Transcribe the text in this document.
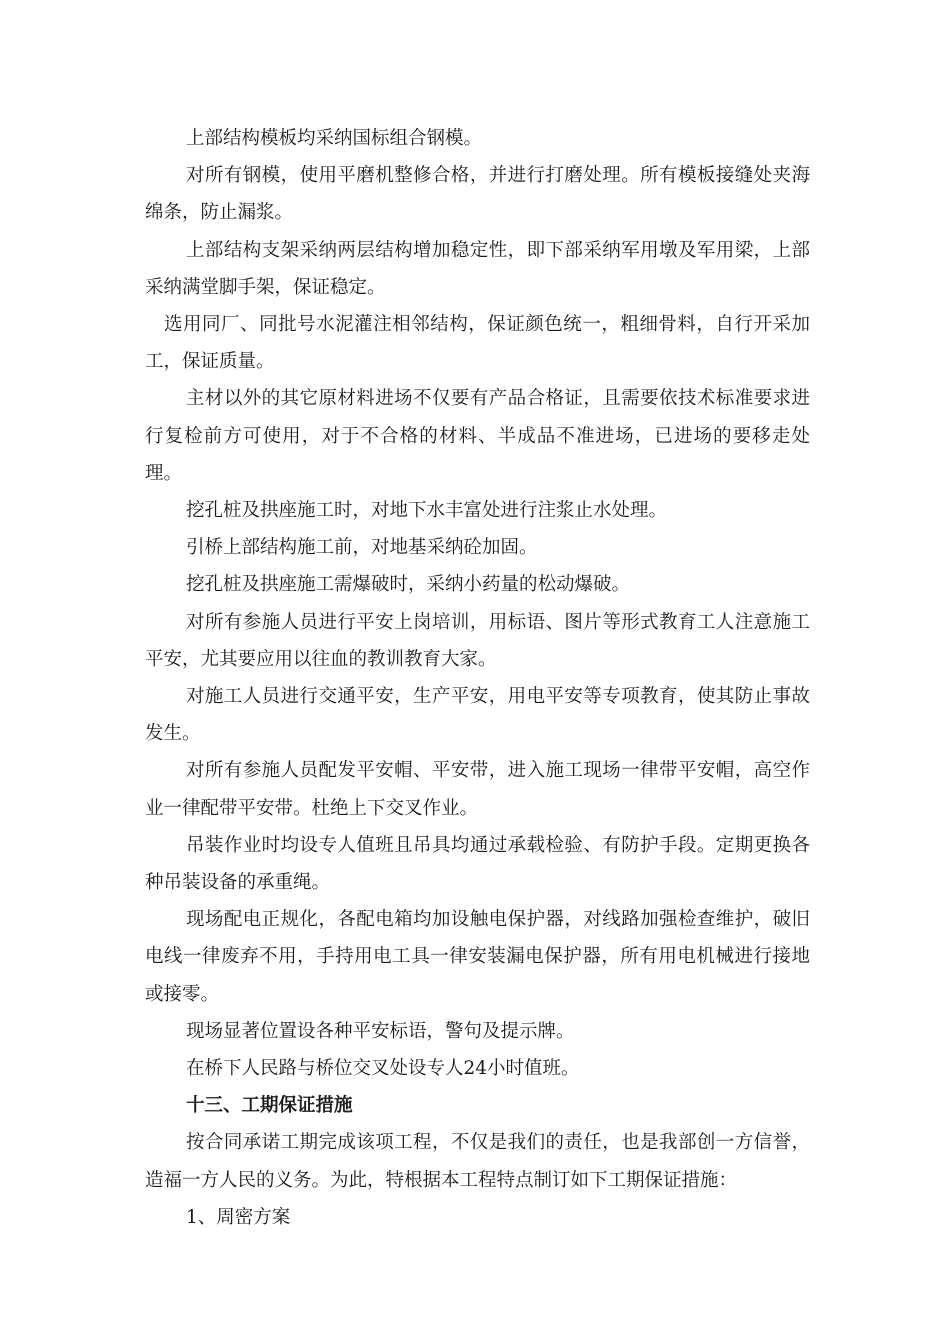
上部结构模板均采纳国标组合钢模。

对所有钢模，使用平磨机整修合格，并进行打磨处理。所有模板接缝处夹海绵条，防止漏浆。

上部结构支架采纳两层结构增加稳定性，即下部采纳军用墩及军用梁，上部采纳满堂脚手架，保证稳定。

选用同厂、同批号水泥灌注相邻结构，保证颜色统一，粗细骨料，自行开采加工，保证质量。

主材以外的其它原材料进场不仅要有产品合格证，且需要依技术标准要求进行复检前方可使用，对于不合格的材料、半成品不准进场，已进场的要移走处理。

挖孔桩及拱座施工时，对地下水丰富处进行注浆止水处理。

引桥上部结构施工前，对地基采纳砼加固。

挖孔桩及拱座施工需爆破时，采纳小药量的松动爆破。

对所有参施人员进行平安上岗培训，用标语、图片等形式教育工人注意施工平安，尤其要应用以往血的教训教育大家。

对施工人员进行交通平安，生产平安，用电平安等专项教育，使其防止事故发生。

对所有参施人员配发平安帽、平安带，进入施工现场一律带平安帽，高空作业一律配带平安带。杜绝上下交叉作业。

吊装作业时均设专人值班且吊具均通过承载检验、有防护手段。定期更换各种吊装设备的承重绳。

现场配电正规化，各配电箱均加设触电保护器，对线路加强检查维护，破旧电线一律废弃不用，手持用电工具一律安装漏电保护器，所有用电机械进行接地或接零。

现场显著位置设各种平安标语，警句及提示牌。

在桥下人民路与桥位交叉处设专人24小时值班。

十三、工期保证措施

按合同承诺工期完成该项工程，不仅是我们的责任，也是我部创一方信誉，造福一方人民的义务。为此，特根据本工程特点制订如下工期保证措施：

1、周密方案
